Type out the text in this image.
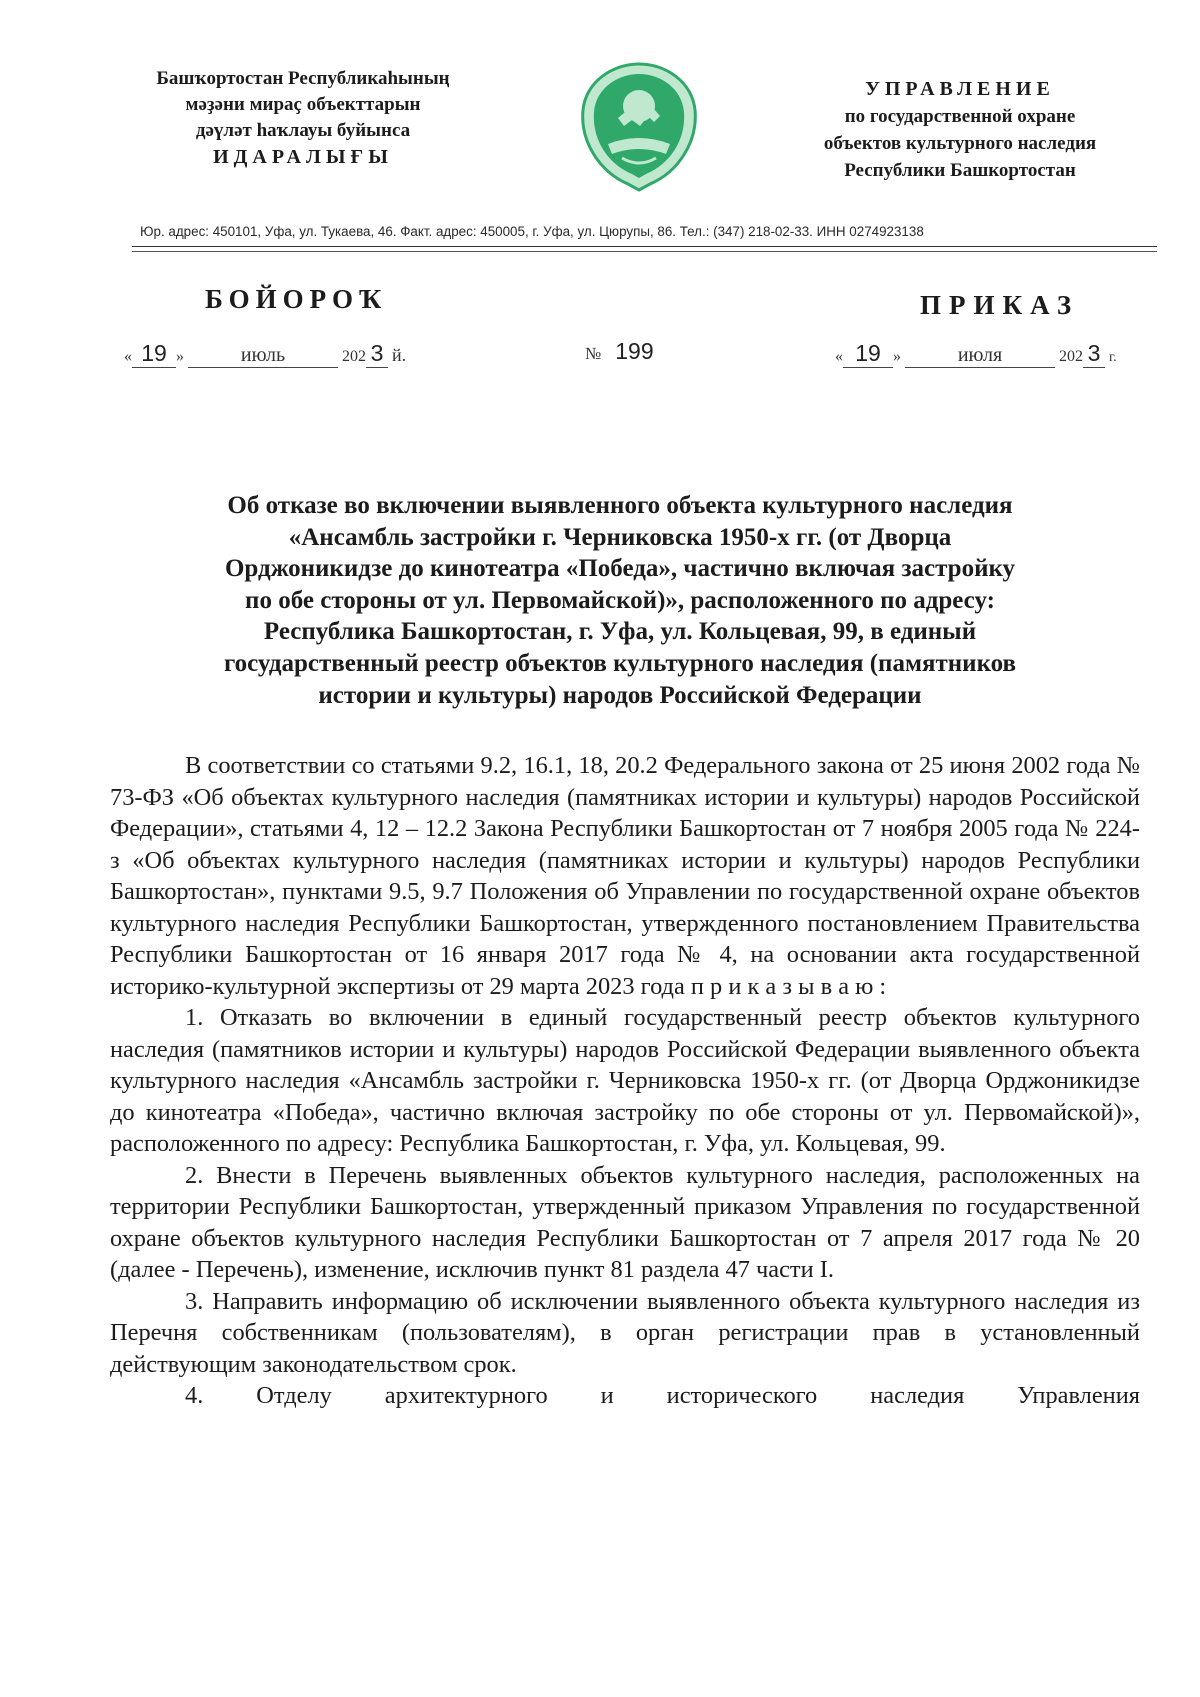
Башҡортостан Республикаһының
мәҙәни мираҫ объекттарын
дәүләт һаҡлауы буйынса
ИДАРАЛЫҒЫ
УПРАВЛЕНИЕ
по государственной охране
объектов культурного наследия
Республики Башкортостан
Юр. адрес: 450101, Уфа, ул. Тукаева, 46. Факт. адрес: 450005, г. Уфа, ул. Цюрупы, 86. Тел.: (347) 218-02-33. ИНН 0274923138
БОЙОРОҠ	ПРИКАЗ
« 19 »	июль	202 3 й.	№ 199	« 19 »	июля	202 3 г.
Об отказе во включении выявленного объекта культурного наследия
«Ансамбль застройки г. Черниковска 1950-х гг. (от Дворца
Орджоникидзе до кинотеатра «Победа», частично включая застройку
по обе стороны от ул. Первомайской)», расположенного по адресу:
Республика Башкортостан, г. Уфа, ул. Кольцевая, 99, в единый
государственный реестр объектов культурного наследия (памятников
истории и культуры) народов Российской Федерации

В соответствии со статьями 9.2, 16.1, 18, 20.2 Федерального закона от 25 июня 2002 года № 73-ФЗ «Об объектах культурного наследия (памятниках истории и культуры) народов Российской Федерации», статьями 4, 12 – 12.2 Закона Республики Башкортостан от 7 ноября 2005 года № 224-з «Об объектах культурного наследия (памятниках истории и культуры) народов Республики Башкортостан», пунктами 9.5, 9.7 Положения об Управлении по государственной охране объектов культурного наследия Республики Башкортостан, утвержденного постановлением Правительства Республики Башкортостан от 16 января 2017 года № 4, на основании акта государственной историко-культурной экспертизы от 29 марта 2023 года п р и к а з ы в а ю :

1. Отказать во включении в единый государственный реестр объектов культурного наследия (памятников истории и культуры) народов Российской Федерации выявленного объекта культурного наследия «Ансамбль застройки г. Черниковска 1950-х гг. (от Дворца Орджоникидзе до кинотеатра «Победа», частично включая застройку по обе стороны от ул. Первомайской)», расположенного по адресу: Республика Башкортостан, г. Уфа, ул. Кольцевая, 99.

2. Внести в Перечень выявленных объектов культурного наследия, расположенных на территории Республики Башкортостан, утвержденный приказом Управления по государственной охране объектов культурного наследия Республики Башкортостан от 7 апреля 2017 года № 20 (далее - Перечень), изменение, исключив пункт 81 раздела 47 части I.

3. Направить информацию об исключении выявленного объекта культурного наследия из Перечня собственникам (пользователям), в орган регистрации прав в установленный действующим законодательством срок.

4. Отделу архитектурного и исторического наследия Управления
